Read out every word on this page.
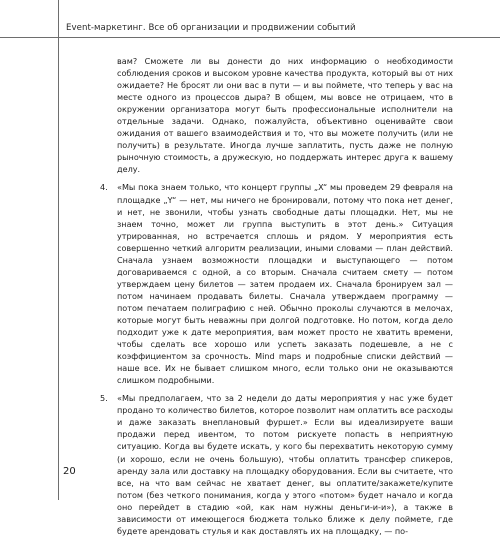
Event-маркетинг. Все об организации и продвижении событий

вам? Сможете ли вы донести до них информацию о необходимости соблюдения сроков и высоком уровне качества продукта, который вы от них ожидаете? Не бросят ли они вас в пути — и вы поймете, что теперь у вас на месте одного из процессов дыра? В общем, мы вовсе не отрицаем, что в окружении организатора могут быть профессиональные исполнители на отдельные задачи. Однако, пожалуйста, объективно оценивайте свои ожидания от вашего взаимодействия и то, что вы можете получить (или не получить) в результате. Иногда лучше заплатить, пусть даже не полную рыночную стоимость, а дружескую, но поддержать интерес друга к вашему делу.

4. «Мы пока знаем только, что концерт группы „X“ мы проведем 29 февраля на площадке „Y“ — нет, мы ничего не бронировали, потому что пока нет денег, и нет, не звонили, чтобы узнать свободные даты площадки. Нет, мы не знаем точно, может ли группа выступить в этот день.» Ситуация утрированная, но встречается сплошь и рядом. У мероприятия есть совершенно четкий алгоритм реализации, иными словами — план действий. Сначала узнаем возможности площадки и выступающего — потом договариваемся с одной, а со вторым. Сначала считаем смету — потом утверждаем цену билетов — затем продаем их. Сначала бронируем зал — потом начинаем продавать билеты. Сначала утверждаем программу — потом печатаем полиграфию с ней. Обычно проколы случаются в мелочах, которые могут быть неважны при долгой подготовке. Но потом, когда дело подходит уже к дате мероприятия, вам может просто не хватить времени, чтобы сделать все хорошо или успеть заказать подешевле, а не с коэффициентом за срочность. Mind maps и подробные списки действий — наше все. Их не бывает слишком много, если только они не оказываются слишком подробными.

5. «Мы предполагаем, что за 2 недели до даты мероприятия у нас уже будет продано то количество билетов, которое позволит нам оплатить все расходы и даже заказать внеплановый фуршет.» Если вы идеализируете ваши продажи перед ивентом, то потом рискуете попасть в неприятную ситуацию. Когда вы будете искать, у кого бы перехватить некоторую сумму (и хорошо, если не очень большую), чтобы оплатить трансфер спикеров, аренду зала или доставку на площадку оборудования. Если вы считаете, что все, на что вам сейчас не хватает денег, вы оплатите/закажете/купите потом (без четкого понимания, когда у этого «потом» будет начало и когда оно перейдет в стадию «ой, как нам нужны деньги-и-и»), а также в зависимости от имеющегося бюджета только ближе к делу поймете, где будете арендовать стулья и как доставлять их на площадку, — по-

20
